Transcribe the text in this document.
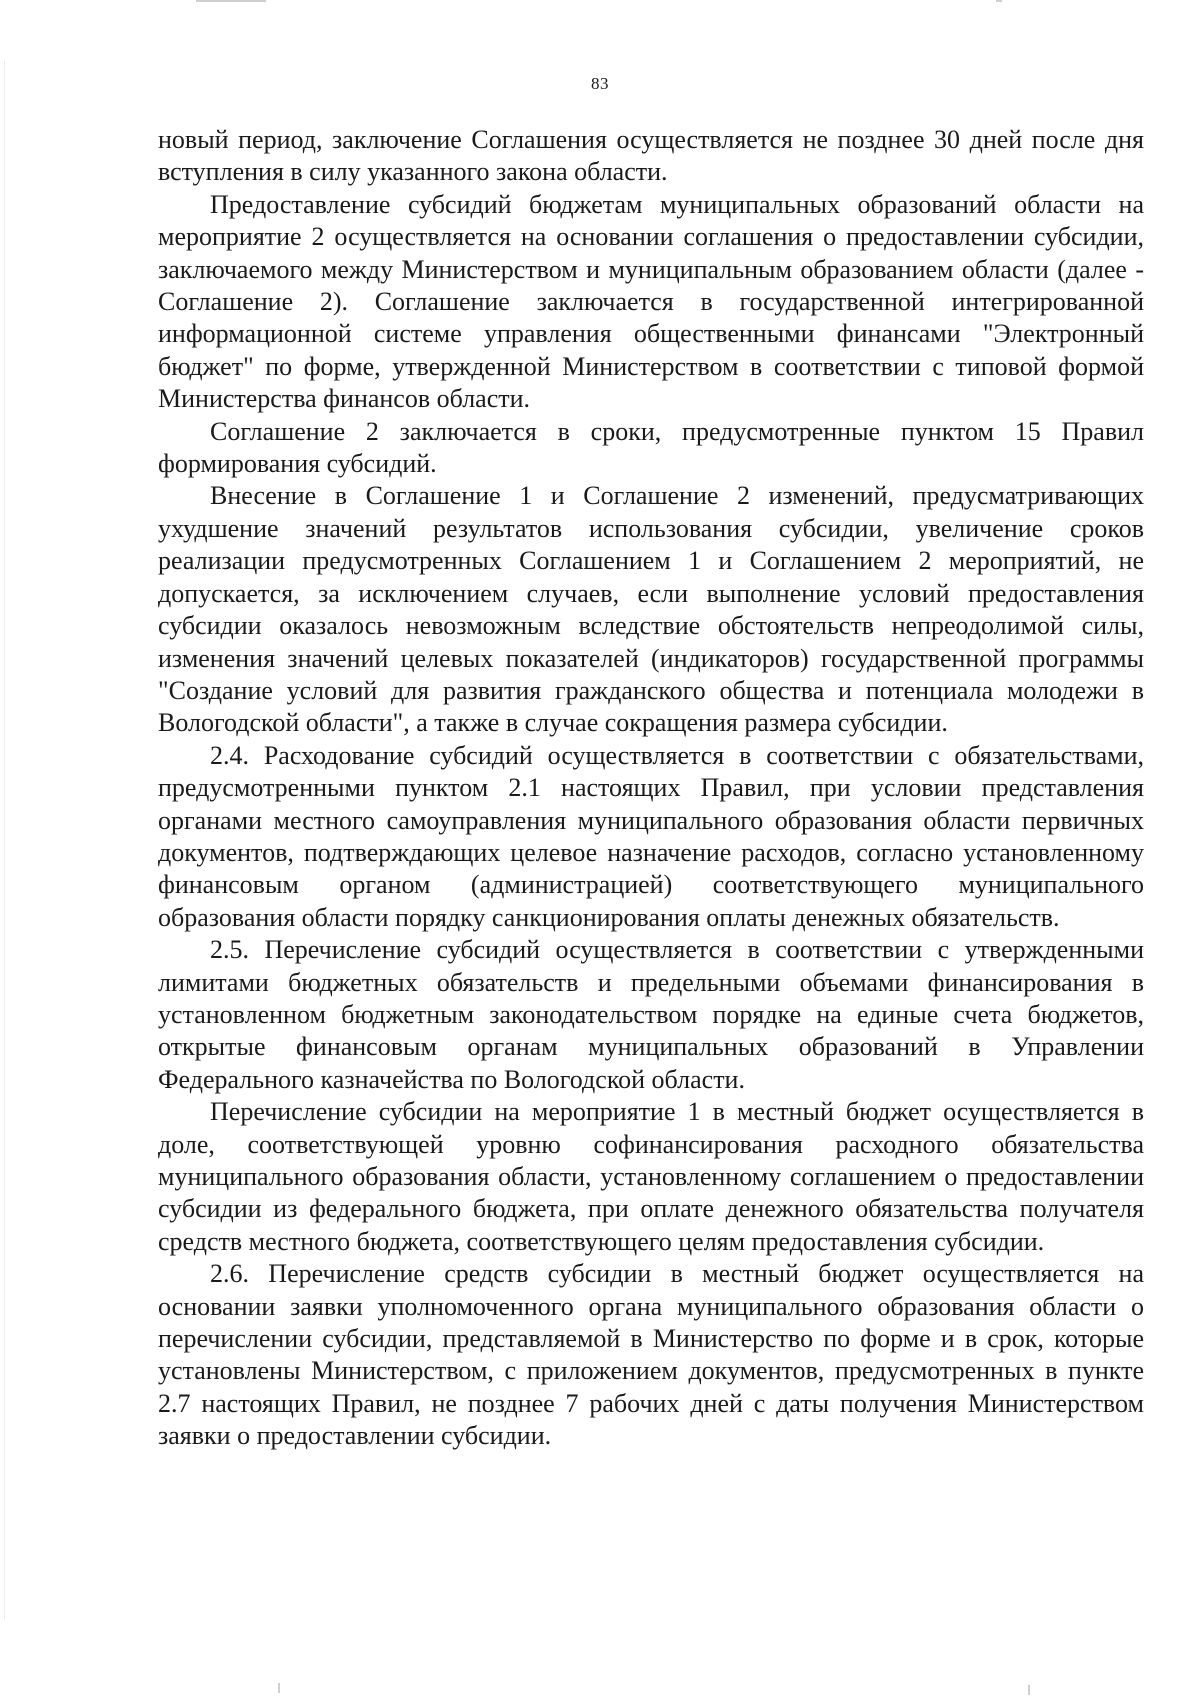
83

новый период, заключение Соглашения осуществляется не позднее 30 дней после дня вступления в силу указанного закона области.

Предоставление субсидий бюджетам муниципальных образований области на мероприятие 2 осуществляется на основании соглашения о предоставлении субсидии, заключаемого между Министерством и муниципальным образованием области (далее - Соглашение 2). Соглашение заключается в государственной интегрированной информационной системе управления общественными финансами "Электронный бюджет" по форме, утвержденной Министерством в соответствии с типовой формой Министерства финансов области.

Соглашение 2 заключается в сроки, предусмотренные пунктом 15 Правил формирования субсидий.

Внесение в Соглашение 1 и Соглашение 2 изменений, предусматривающих ухудшение значений результатов использования субсидии, увеличение сроков реализации предусмотренных Соглашением 1 и Соглашением 2 мероприятий, не допускается, за исключением случаев, если выполнение условий предоставления субсидии оказалось невозможным вследствие обстоятельств непреодолимой силы, изменения значений целевых показателей (индикаторов) государственной программы "Создание условий для развития гражданского общества и потенциала молодежи в Вологодской области", а также в случае сокращения размера субсидии.

2.4. Расходование субсидий осуществляется в соответствии с обязательствами, предусмотренными пунктом 2.1 настоящих Правил, при условии представления органами местного самоуправления муниципального образования области первичных документов, подтверждающих целевое назначение расходов, согласно установленному финансовым органом (администрацией) соответствующего муниципального образования области порядку санкционирования оплаты денежных обязательств.

2.5. Перечисление субсидий осуществляется в соответствии с утвержденными лимитами бюджетных обязательств и предельными объемами финансирования в установленном бюджетным законодательством порядке на единые счета бюджетов, открытые финансовым органам муниципальных образований в Управлении Федерального казначейства по Вологодской области.

Перечисление субсидии на мероприятие 1 в местный бюджет осуществляется в доле, соответствующей уровню софинансирования расходного обязательства муниципального образования области, установленному соглашением о предоставлении субсидии из федерального бюджета, при оплате денежного обязательства получателя средств местного бюджета, соответствующего целям предоставления субсидии.

2.6. Перечисление средств субсидии в местный бюджет осуществляется на основании заявки уполномоченного органа муниципального образования области о перечислении субсидии, представляемой в Министерство по форме и в срок, которые установлены Министерством, с приложением документов, предусмотренных в пункте 2.7 настоящих Правил, не позднее 7 рабочих дней с даты получения Министерством заявки о предоставлении субсидии.
